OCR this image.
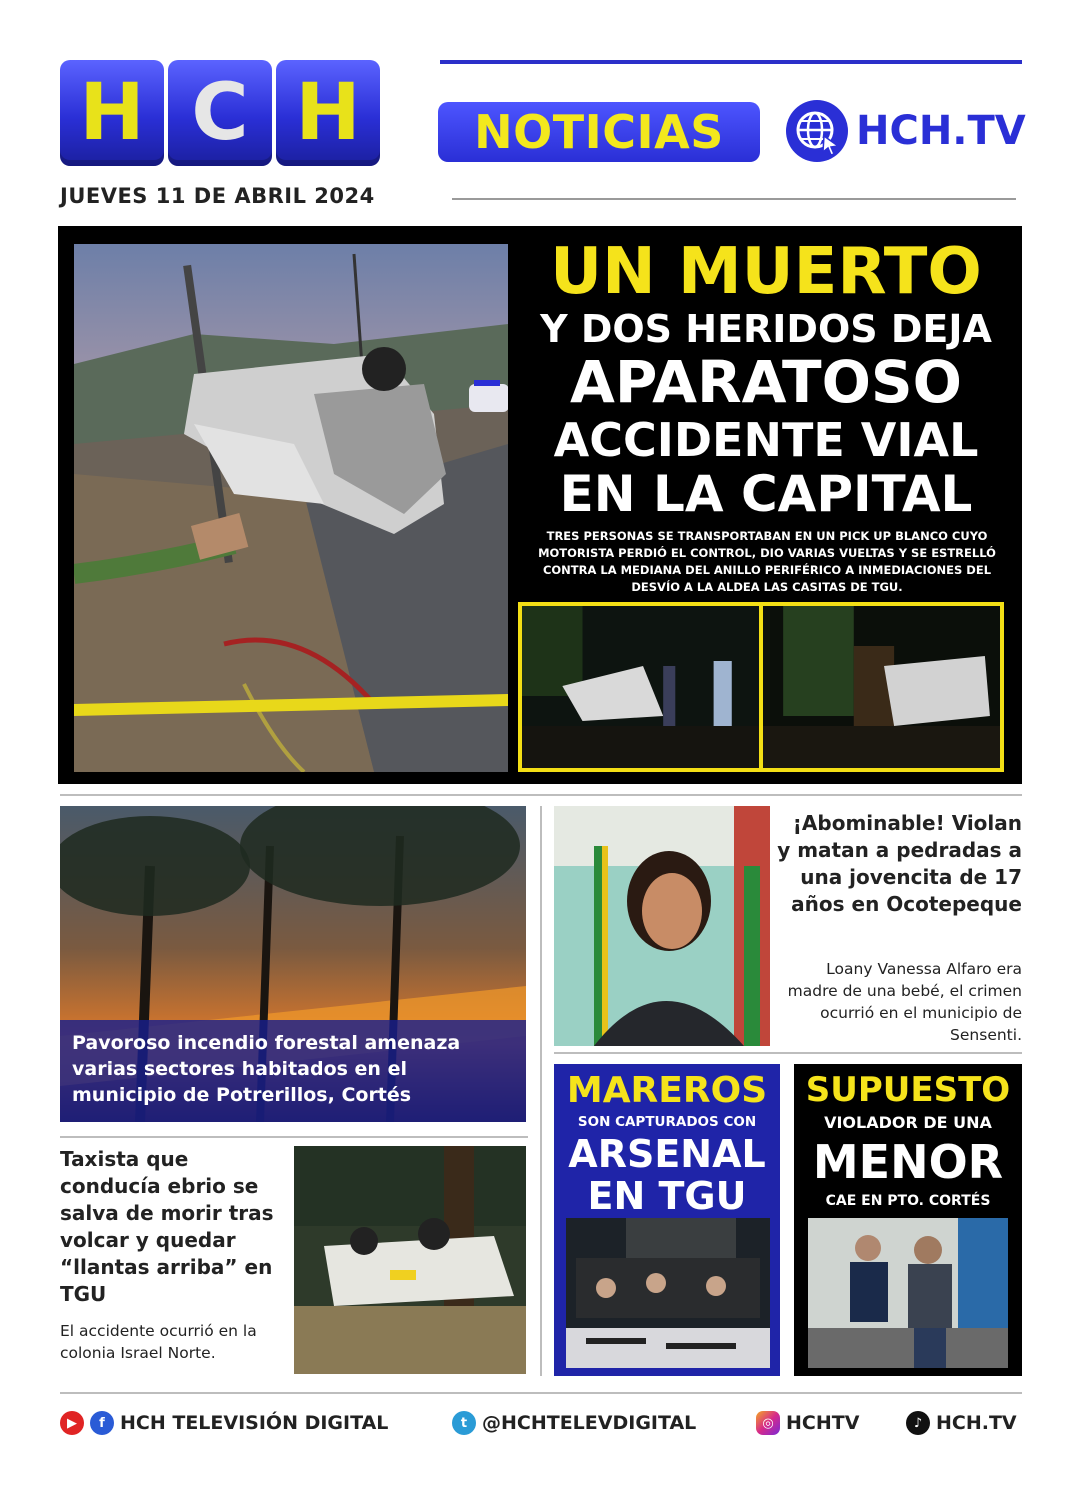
H C H
JUEVES 11 DE ABRIL 2024
NOTICIAS	HCH.TV
UN MUERTO
Y DOS HERIDOS DEJA
APARATOSO
ACCIDENTE VIAL
EN LA CAPITAL
TRES PERSONAS SE TRANSPORTABAN EN UN PICK UP BLANCO CUYO MOTORISTA PERDIÓ EL CONTROL, DIO VARIAS VUELTAS Y SE ESTRELLÓ CONTRA LA MEDIANA DEL ANILLO PERIFÉRICO A INMEDIACIONES DEL DESVÍO A LA ALDEA LAS CASITAS DE TGU.
Pavoroso incendio forestal amenaza varias sectores habitados en el municipio de Potrerillos, Cortés
¡Abominable! Violan y matan a pedradas a una jovencita de 17 años en Ocotepeque
Loany Vanessa Alfaro era madre de una bebé, el crimen ocurrió en el municipio de Sensenti.
Taxista que conducía ebrio se salva de morir tras volcar y quedar “llantas arriba” en TGU
El accidente ocurrió en la colonia Israel Norte.
MAREROS
SON CAPTURADOS CON
ARSENAL
EN TGU
SUPUESTO
VIOLADOR DE UNA
MENOR
CAE EN PTO. CORTÉS
▶	f HCH TELEVISIÓN DIGITAL	t @HCHTELEVDIGITAL	◎ HCHTV	♪ HCH.TV
